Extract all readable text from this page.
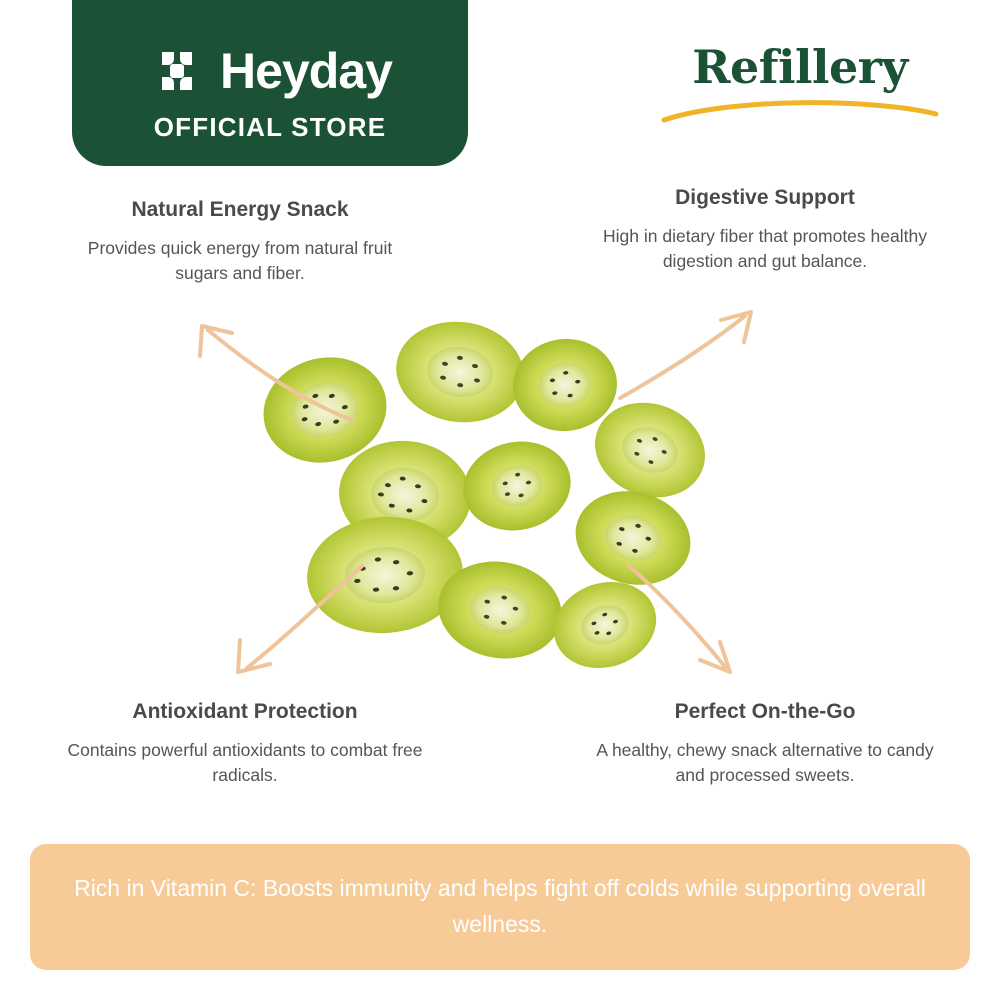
Heyday
OFFICIAL STORE
Refillery
Natural Energy Snack

Provides quick energy from natural fruit sugars and fiber.

Digestive Support

High in dietary fiber that promotes healthy digestion and gut balance.

Antioxidant Protection

Contains powerful antioxidants to combat free radicals.

Perfect On-the-Go

A healthy, chewy snack alternative to candy and processed sweets.

Rich in Vitamin C: Boosts immunity and helps fight off colds while supporting overall wellness.
